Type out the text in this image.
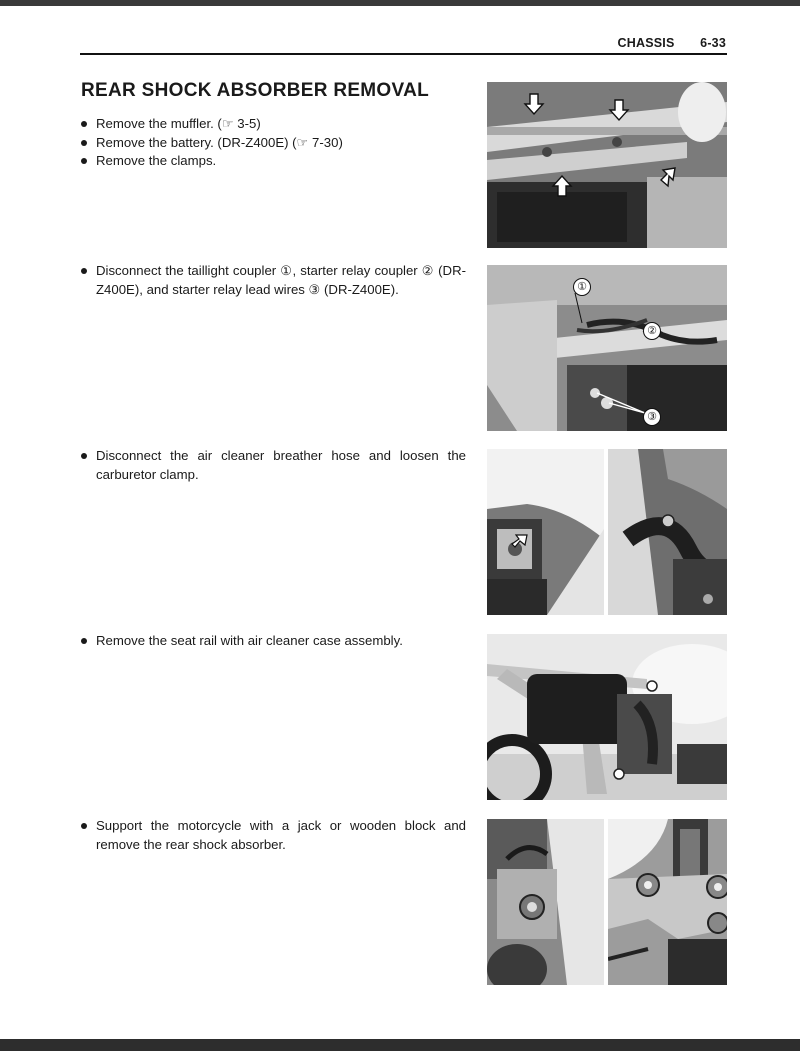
CHASSIS 6-33
REAR SHOCK ABSORBER REMOVAL
Remove the muffler. (☞ 3-5)
Remove the battery. (DR-Z400E) (☞ 7-30)
Remove the clamps.
Disconnect the taillight coupler ①, starter relay coupler ② (DR-Z400E), and starter relay lead wires ③ (DR-Z400E).
Disconnect the air cleaner breather hose and loosen the carburetor clamp.
Remove the seat rail with air cleaner case assembly.
Support the motorcycle with a jack or wooden block and remove the rear shock absorber.
①
②
③
